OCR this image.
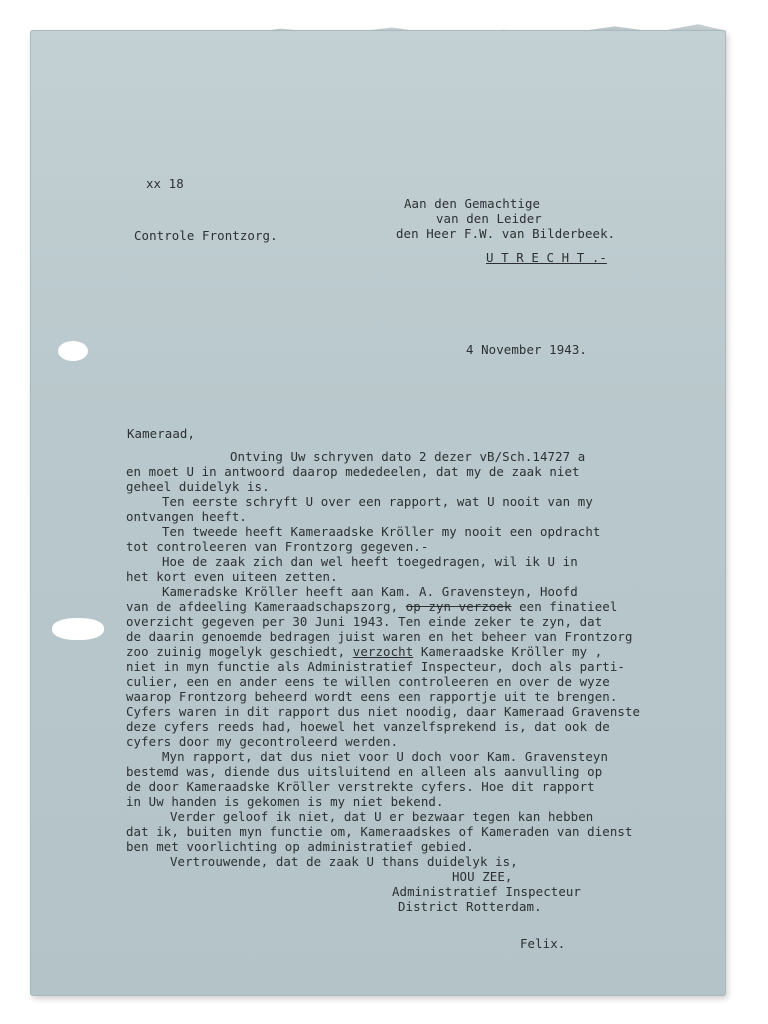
xx 18
Controle Frontzorg.
Aan den Gemachtige
van den Leider
den Heer F.W. van Bilderbeek.
U T R E C H T .-
4 November 1943.
Kameraad,
Ontving Uw schryven dato 2 dezer vB/Sch.14727 a
en moet U in antwoord daarop mededeelen, dat my de zaak niet
geheel duidelyk is.
Ten eerste schryft U over een rapport, wat U nooit van my
ontvangen heeft.
Ten tweede heeft Kameraadske Kröller my nooit een opdracht
tot controleeren van Frontzorg gegeven.-
Hoe de zaak zich dan wel heeft toegedragen, wil ik U in
het kort even uiteen zetten.
Kameradske Kröller heeft aan Kam. A. Gravensteyn, Hoofd
van de afdeeling Kameraadschapszorg, op zyn verzoek een finatieel
overzicht gegeven per 30 Juni 1943. Ten einde zeker te zyn, dat
de daarin genoemde bedragen juist waren en het beheer van Frontzorg
zoo zuinig mogelyk geschiedt, verzocht Kameraadske Kröller my ,
niet in myn functie als Administratief Inspecteur, doch als parti-
culier, een en ander eens te willen controleeren en over de wyze
waarop Frontzorg beheerd wordt eens een rapportje uit te brengen.
Cyfers waren in dit rapport dus niet noodig, daar Kameraad Gravenste
deze cyfers reeds had, hoewel het vanzelfsprekend is, dat ook de
cyfers door my gecontroleerd werden.
Myn rapport, dat dus niet voor U doch voor Kam. Gravensteyn
bestemd was, diende dus uitsluitend en alleen als aanvulling op
de door Kameraadske Kröller verstrekte cyfers. Hoe dit rapport
in Uw handen is gekomen is my niet bekend.
Verder geloof ik niet, dat U er bezwaar tegen kan hebben
dat ik, buiten myn functie om, Kameraadskes of Kameraden van dienst
ben met voorlichting op administratief gebied.
Vertrouwende, dat de zaak U thans duidelyk is,
HOU ZEE,
Administratief Inspecteur
District Rotterdam.
Felix.
